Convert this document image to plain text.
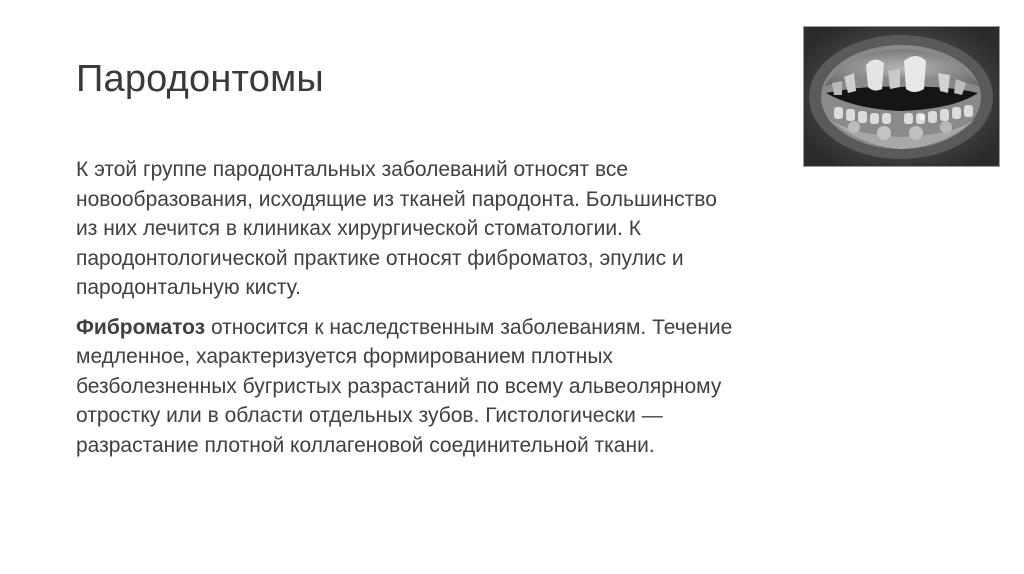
Пародонтомы

К этой группе пародонтальных заболеваний относят все
новообразования, исходящие из тканей пародонта. Большинство
из них лечится в клиниках хирургической стоматологии. К
пародонтологической практике относят фиброматоз, эпулис и
пародонтальную кисту.

Фиброматоз относится к наследственным заболеваниям. Течение
медленное, характеризуется формированием плотных
безболезненных бугристых разрастаний по всему альвеолярному
отростку или в области отдельных зубов. Гистологически —
разрастание плотной коллагеновой соединительной ткани.
